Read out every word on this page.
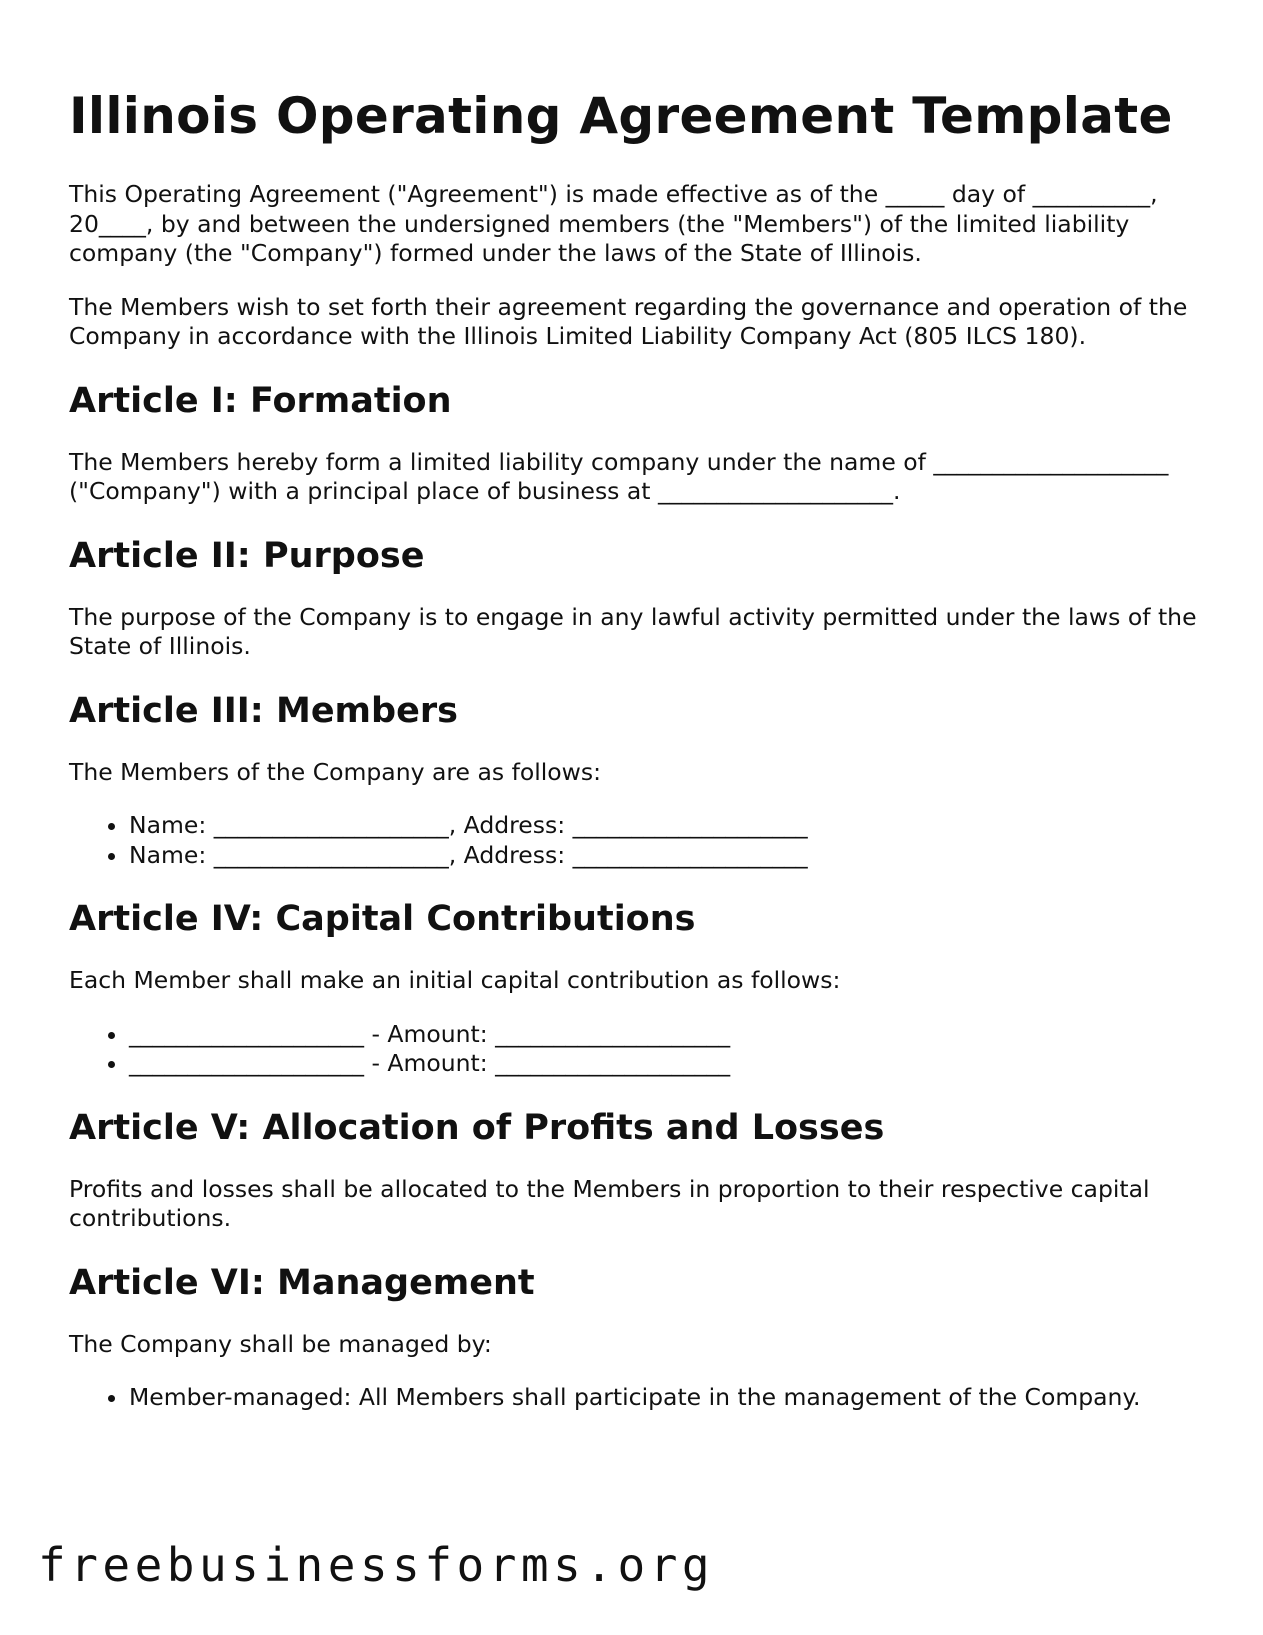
Illinois Operating Agreement Template

This Operating Agreement ("Agreement") is made effective as of the _____ day of __________, 20____, by and between the undersigned members (the "Members") of the limited liability company (the "Company") formed under the laws of the State of Illinois.

The Members wish to set forth their agreement regarding the governance and operation of the Company in accordance with the Illinois Limited Liability Company Act (805 ILCS 180).

Article I: Formation

The Members hereby form a limited liability company under the name of ____________________ ("Company") with a principal place of business at ____________________.

Article II: Purpose

The purpose of the Company is to engage in any lawful activity permitted under the laws of the State of Illinois.

Article III: Members

The Members of the Company are as follows:

• Name: ____________________, Address: ____________________
• Name: ____________________, Address: ____________________
Article IV: Capital Contributions

Each Member shall make an initial capital contribution as follows:

• ____________________ - Amount: ____________________
• ____________________ - Amount: ____________________
Article V: Allocation of Profits and Losses

Profits and losses shall be allocated to the Members in proportion to their respective capital contributions.

Article VI: Management

The Company shall be managed by:

• Member-managed: All Members shall participate in the management of the Company.
freebusinessforms.org
